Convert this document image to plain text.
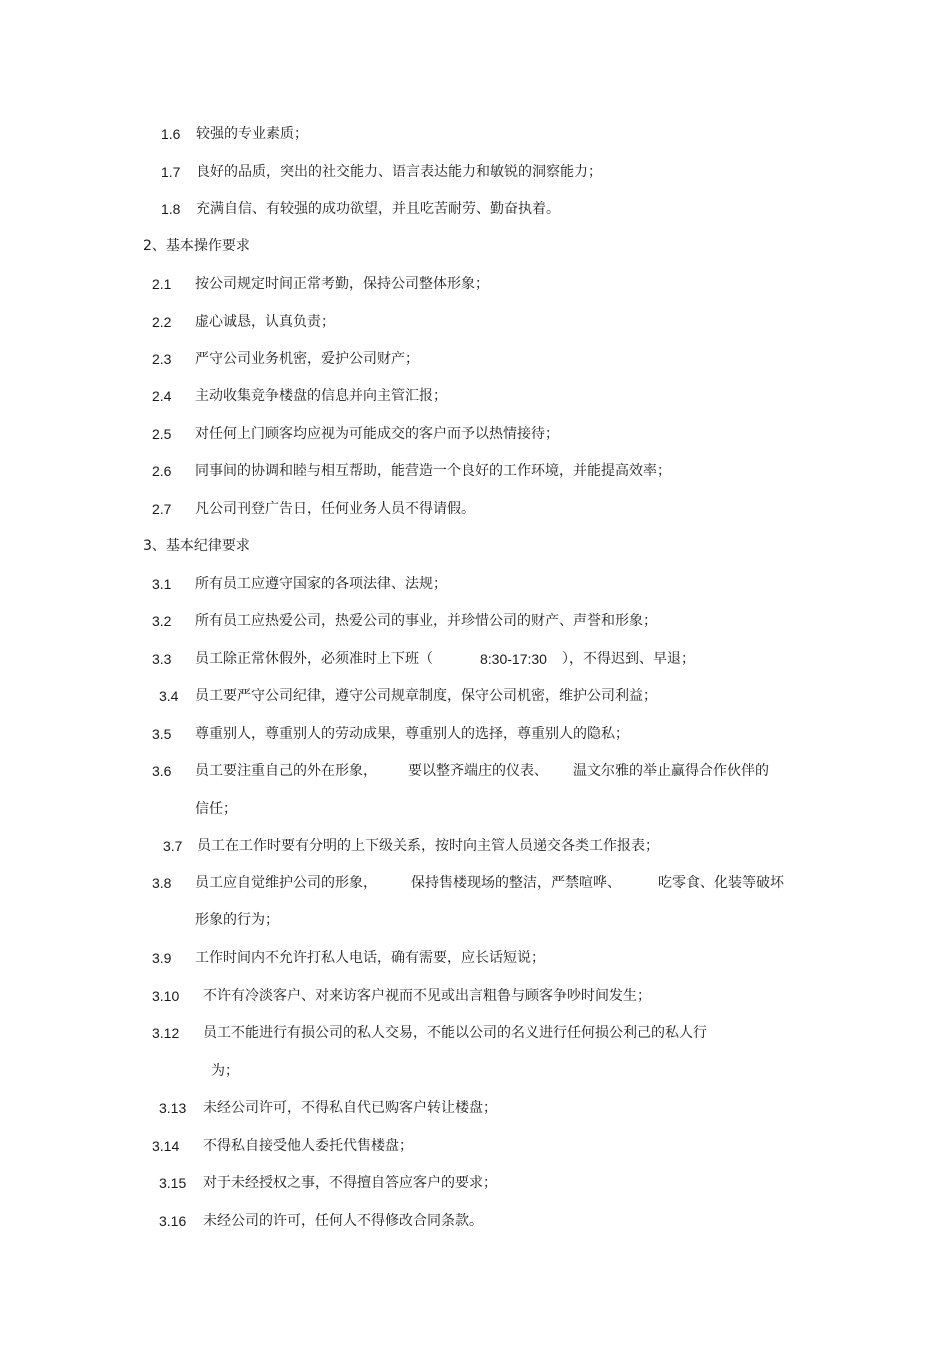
1.6 较强的专业素质；
1.7 良好的品质，突出的社交能力、语言表达能力和敏锐的洞察能力；
1.8 充满自信、有较强的成功欲望，并且吃苦耐劳、勤奋执着。
2、基本操作要求
2.1 按公司规定时间正常考勤，保持公司整体形象；
2.2 虚心诚恳，认真负责；
2.3 严守公司业务机密，爱护公司财产；
2.4 主动收集竞争楼盘的信息并向主管汇报；
2.5 对任何上门顾客均应视为可能成交的客户而予以热情接待；
2.6 同事间的协调和睦与相互帮助，能营造一个良好的工作环境，并能提高效率；
2.7 凡公司刊登广告日，任何业务人员不得请假。
3、基本纪律要求
3.1 所有员工应遵守国家的各项法律、法规；
3.2 所有员工应热爱公司，热爱公司的事业，并珍惜公司的财产、声誉和形象；
3.3 员工除正常休假外，必须准时上下班（	8:30-17:30 ），不得迟到、早退；
3.4 员工要严守公司纪律，遵守公司规章制度，保守公司机密，维护公司利益；
3.5 尊重别人，尊重别人的劳动成果，尊重别人的选择，尊重别人的隐私；
3.6 员工要注重自己的外在形象， 要以整齐端庄的仪表、 温文尔雅的举止赢得合作伙伴的
信任；
3.7 员工在工作时要有分明的上下级关系，按时向主管人员递交各类工作报表；
3.8 员工应自觉维护公司的形象， 保持售楼现场的整洁，严禁喧哗、	吃零食、化装等破坏
形象的行为；
3.9 工作时间内不允许打私人电话，确有需要，应长话短说；
3.10 不许有冷淡客户、对来访客户视而不见或出言粗鲁与顾客争吵时间发生；
3.12 员工不能进行有损公司的私人交易，不能以公司的名义进行任何损公利己的私人行
为；
3.13 未经公司许可，不得私自代已购客户转让楼盘；
3.14 不得私自接受他人委托代售楼盘；
3.15 对于未经授权之事，不得擅自答应客户的要求；
3.16 未经公司的许可，任何人不得修改合同条款。
